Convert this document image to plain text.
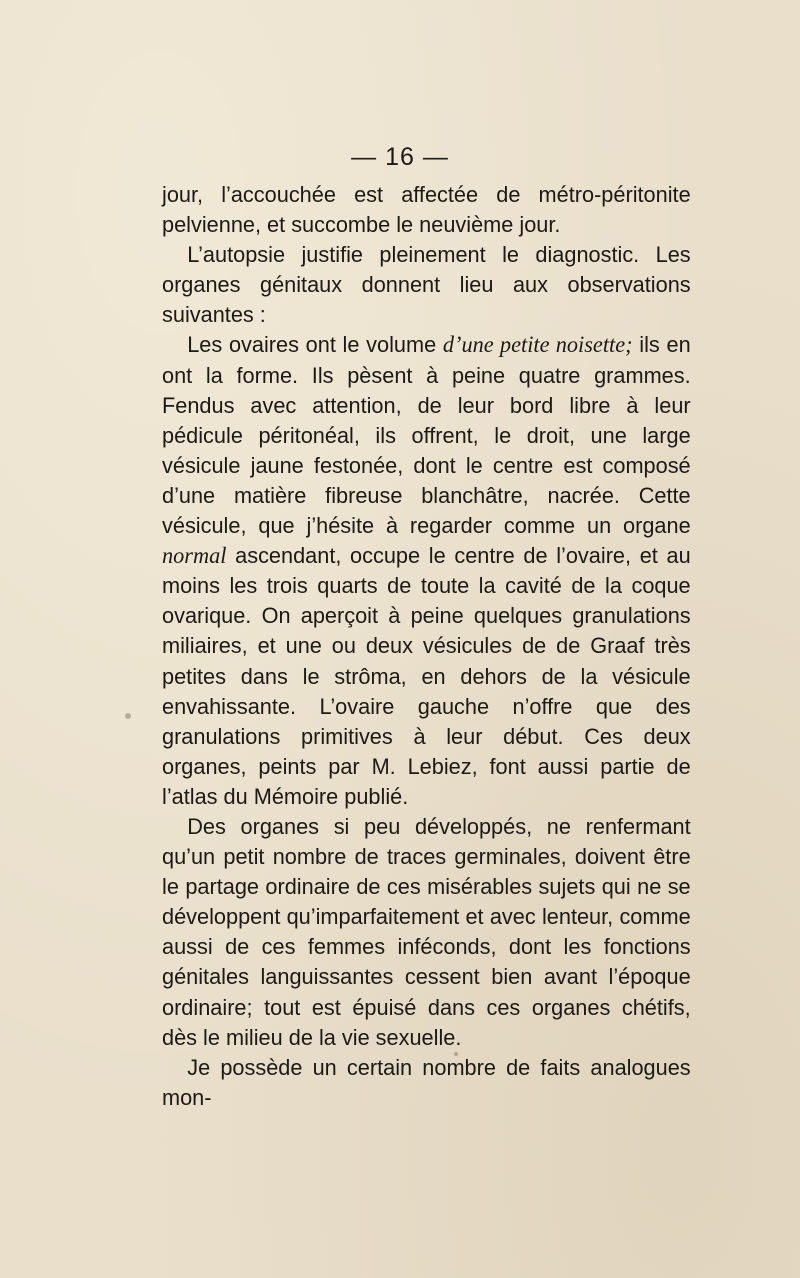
— 16 —

jour, l’accouchée est affectée de métro-péritonite pelvienne, et succombe le neuvième jour.

L’autopsie justifie pleinement le diagnostic. Les organes génitaux donnent lieu aux observations suivantes :

Les ovaires ont le volume d’une petite noisette; ils en ont la forme. Ils pèsent à peine quatre grammes. Fendus avec attention, de leur bord libre à leur pédicule péritonéal, ils offrent, le droit, une large vésicule jaune festonée, dont le centre est composé d’une matière fibreuse blanchâtre, nacrée. Cette vésicule, que j’hésite à regarder comme un organe normal ascendant, occupe le centre de l’ovaire, et au moins les trois quarts de toute la cavité de la coque ovarique. On aperçoit à peine quelques granulations miliaires, et une ou deux vésicules de de Graaf très petites dans le strôma, en dehors de la vésicule envahissante. L’ovaire gauche n’offre que des granulations primitives à leur début. Ces deux organes, peints par M. Lebiez, font aussi partie de l’atlas du Mémoire publié.

Des organes si peu développés, ne renfermant qu’un petit nombre de traces germinales, doivent être le partage ordinaire de ces misérables sujets qui ne se développent qu’imparfaitement et avec lenteur, comme aussi de ces femmes inféconds, dont les fonctions génitales languissantes cessent bien avant l’époque ordinaire; tout est épuisé dans ces organes chétifs, dès le milieu de la vie sexuelle.

Je possède un certain nombre de faits analogues mon-
